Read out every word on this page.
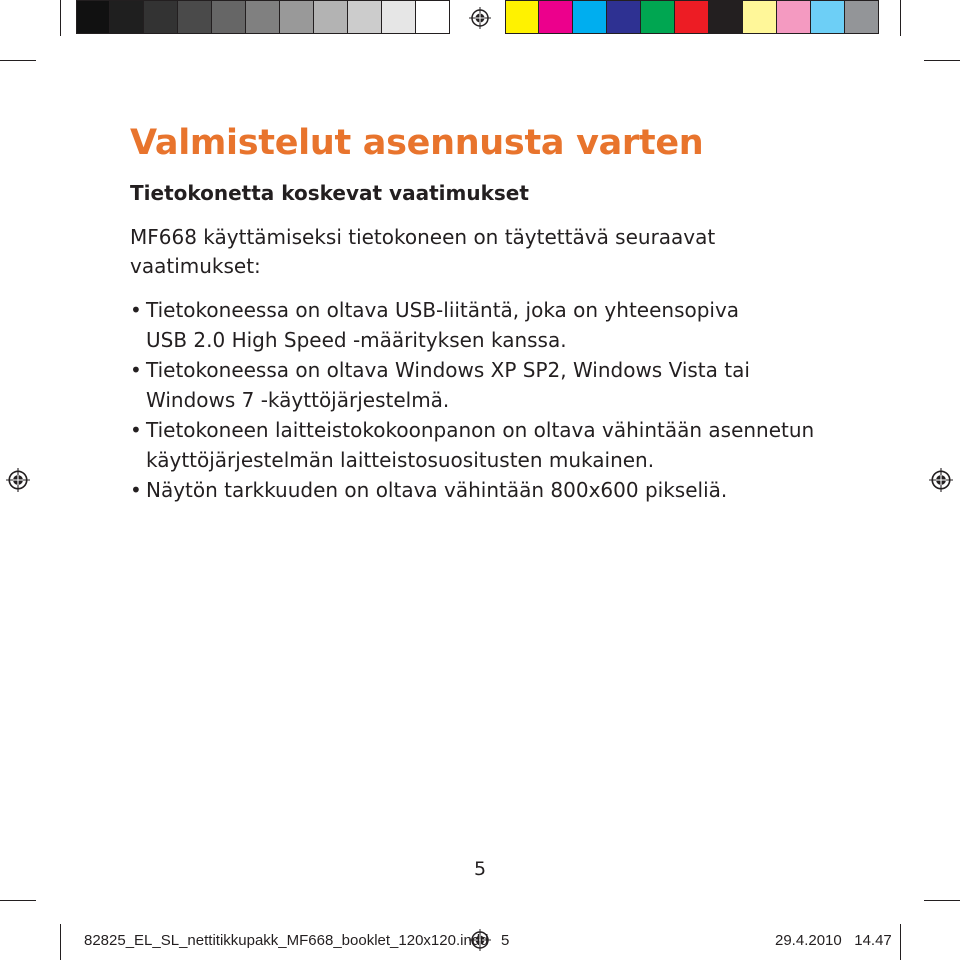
Valmistelut asennusta varten
Tietokonetta koskevat vaatimukset

MF668 käyttämiseksi tietokoneen on täytettävä seuraavat vaatimukset:

• Tietokoneessa on oltava USB-liitäntä, joka on yhteensopiva
USB 2.0 High Speed -määrityksen kanssa.
• Tietokoneessa on oltava Windows XP SP2, Windows Vista tai
Windows 7 -käyttöjärjestelmä.
• Tietokoneen laitteistokokoonpanon on oltava vähintään asennetun
käyttöjärjestelmän laitteistosuositusten mukainen.
• Näytön tarkkuuden on oltava vähintään 800x600 pikseliä.
5
82825_EL_SL_nettitikkupakk_MF668_booklet_120x120.indd   5	29.4.2010   14.47
